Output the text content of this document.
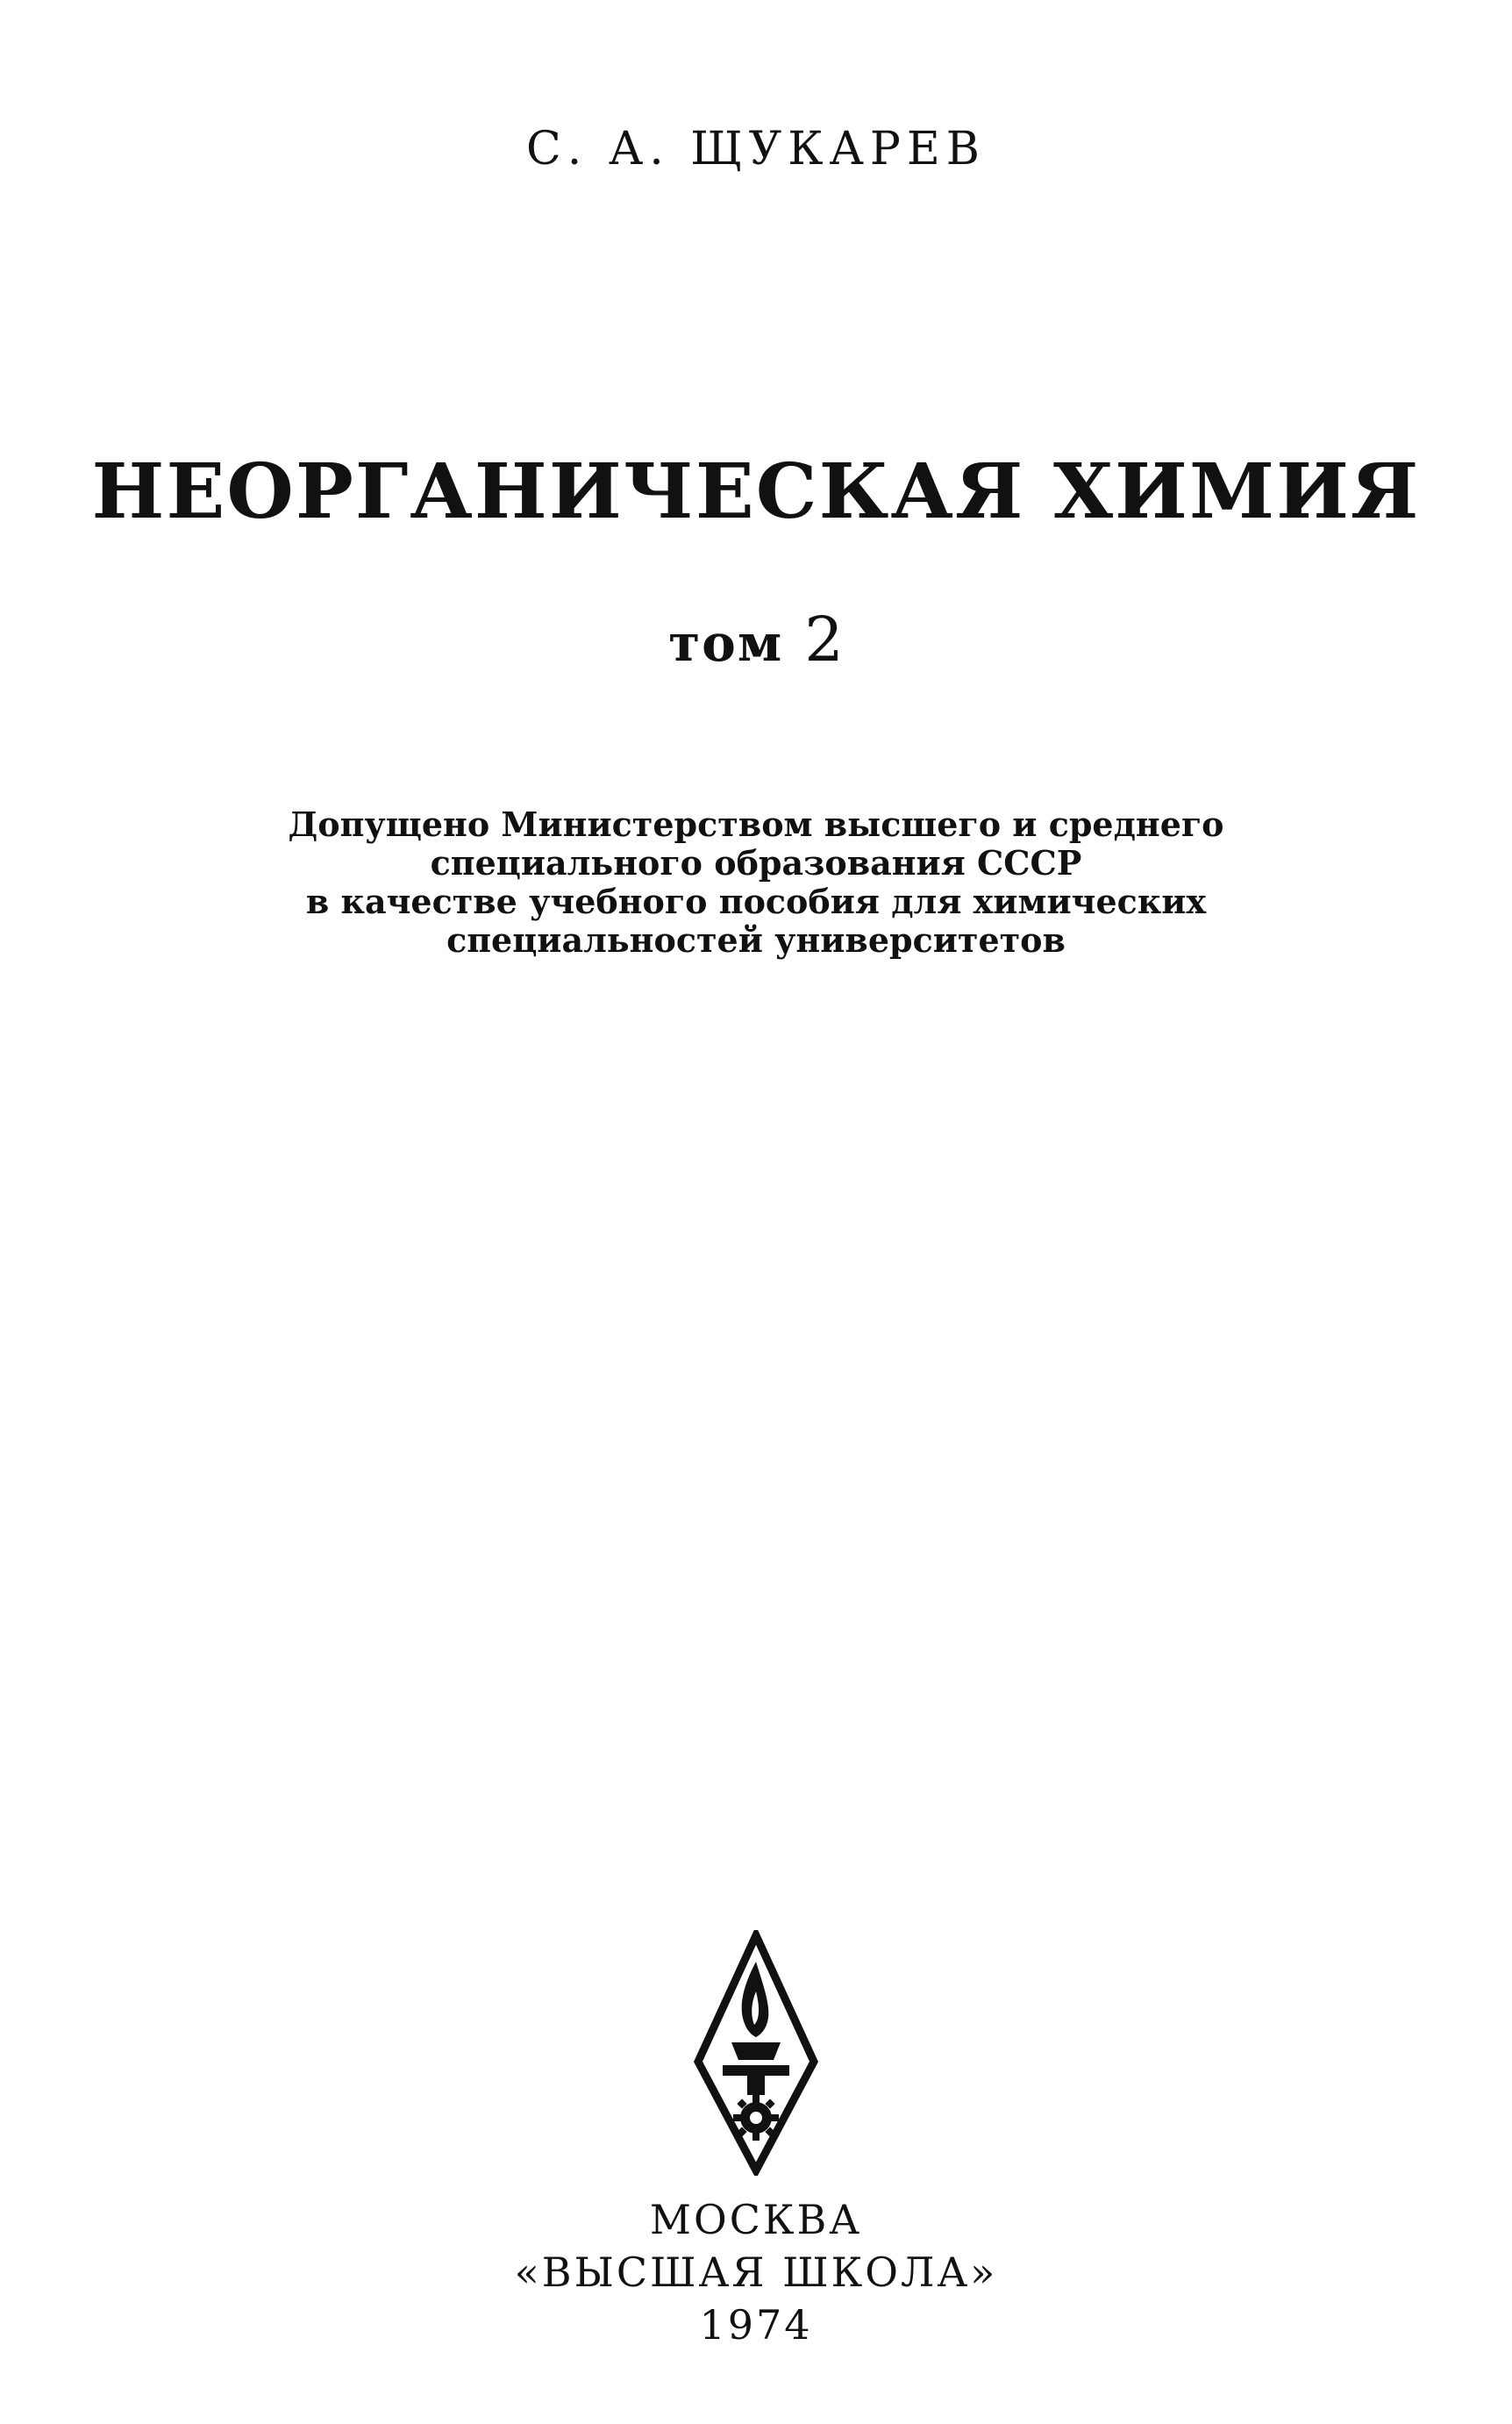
С. А. ЩУКАРЕВ
НЕОРГАНИЧЕСКАЯ ХИМИЯ
том 2
Допущено Министерством высшего и среднего
специального образования СССР
в качестве учебного пособия для химических
специальностей университетов
МОСКВА
«ВЫСШАЯ ШКОЛА»
1974
